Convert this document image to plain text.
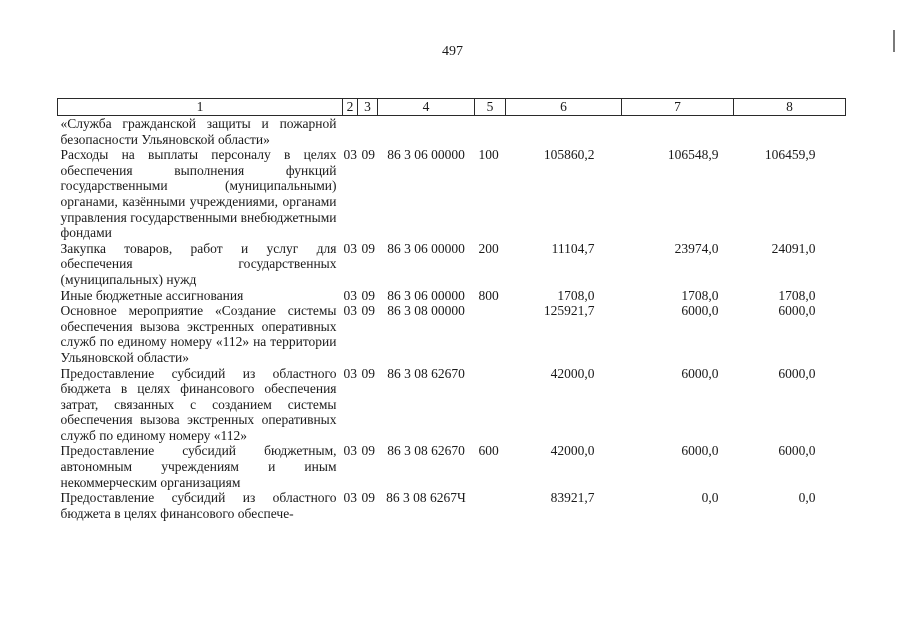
497
1	2	3	4	5	6	7	8
«Служба гражданской защиты и пожарной безопасности Ульяновской области»							
Расходы на выплаты персоналу в целях обеспечения выполнения функций государственными (муниципальными) органами, казёнными учреждениями, органами управления государственными внебюджетными фондами	03	09	86 3 06 00000	100	105860,2	106548,9	106459,9
Закупка товаров, работ и услуг для обеспечения государственных (муниципальных) нужд	03	09	86 3 06 00000	200	11104,7	23974,0	24091,0
Иные бюджетные ассигнования	03	09	86 3 06 00000	800	1708,0	1708,0	1708,0
Основное мероприятие «Создание системы обеспечения вызова экстренных оперативных служб по единому номеру «112» на территории Ульяновской области»	03	09	86 3 08 00000		125921,7	6000,0	6000,0
Предоставление субсидий из областного бюджета в целях финансового обеспечения затрат, связанных с созданием системы обеспечения вызова экстренных оперативных служб по единому номеру «112»	03	09	86 3 08 62670		42000,0	6000,0	6000,0
Предоставление субсидий бюджетным, автономным учреждениям и иным некоммерческим организациям	03	09	86 3 08 62670	600	42000,0	6000,0	6000,0
Предоставление субсидий из областного бюджета в целях финансового обеспече-	03	09	86 3 08 6267Ч		83921,7	0,0	0,0
